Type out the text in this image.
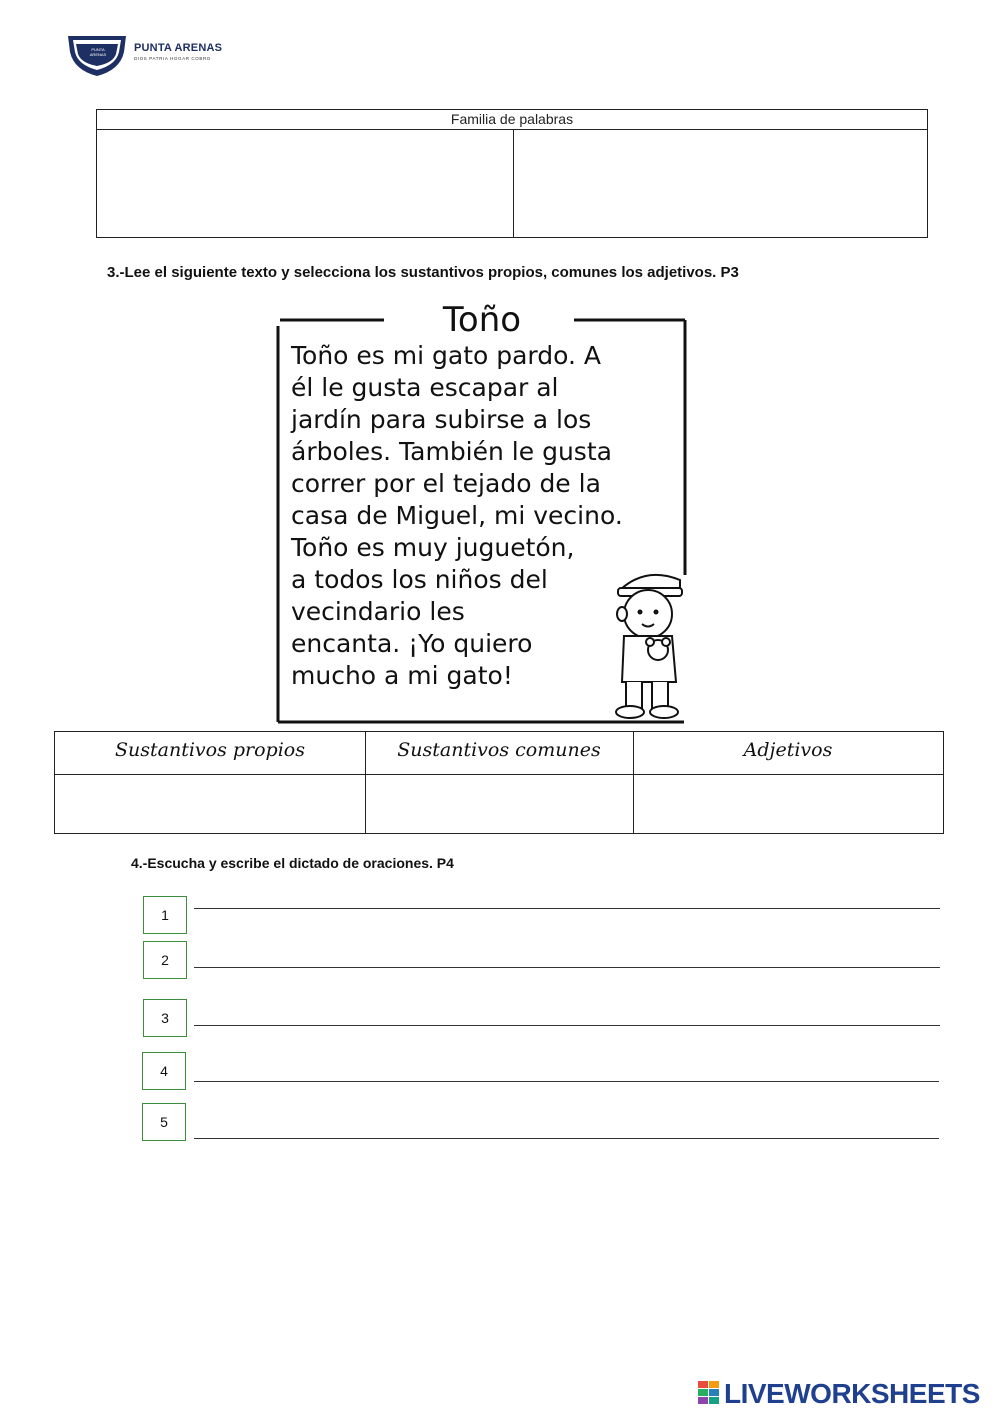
PUNTA ARENAS
PUNTA ARENAS
DIOS PATRIA HOGAR COBRO
Familia de palabras
3.-Lee el siguiente texto y selecciona los sustantivos propios, comunes los adjetivos. P3
Toño
Toño es mi gato pardo. A
él le gusta escapar al
jardín para subirse a los
árboles. También le gusta
correr por el tejado de la
casa de Miguel, mi vecino.
Toño es muy juguetón,
a todos los niños del
vecindario les
encanta. ¡Yo quiero
mucho a mi gato!
Sustantivos propios	Sustantivos comunes	Adjetivos
4.-Escucha y escribe el dictado de oraciones. P4
1
2
3
4
5
LIVEWORKSHEETS
